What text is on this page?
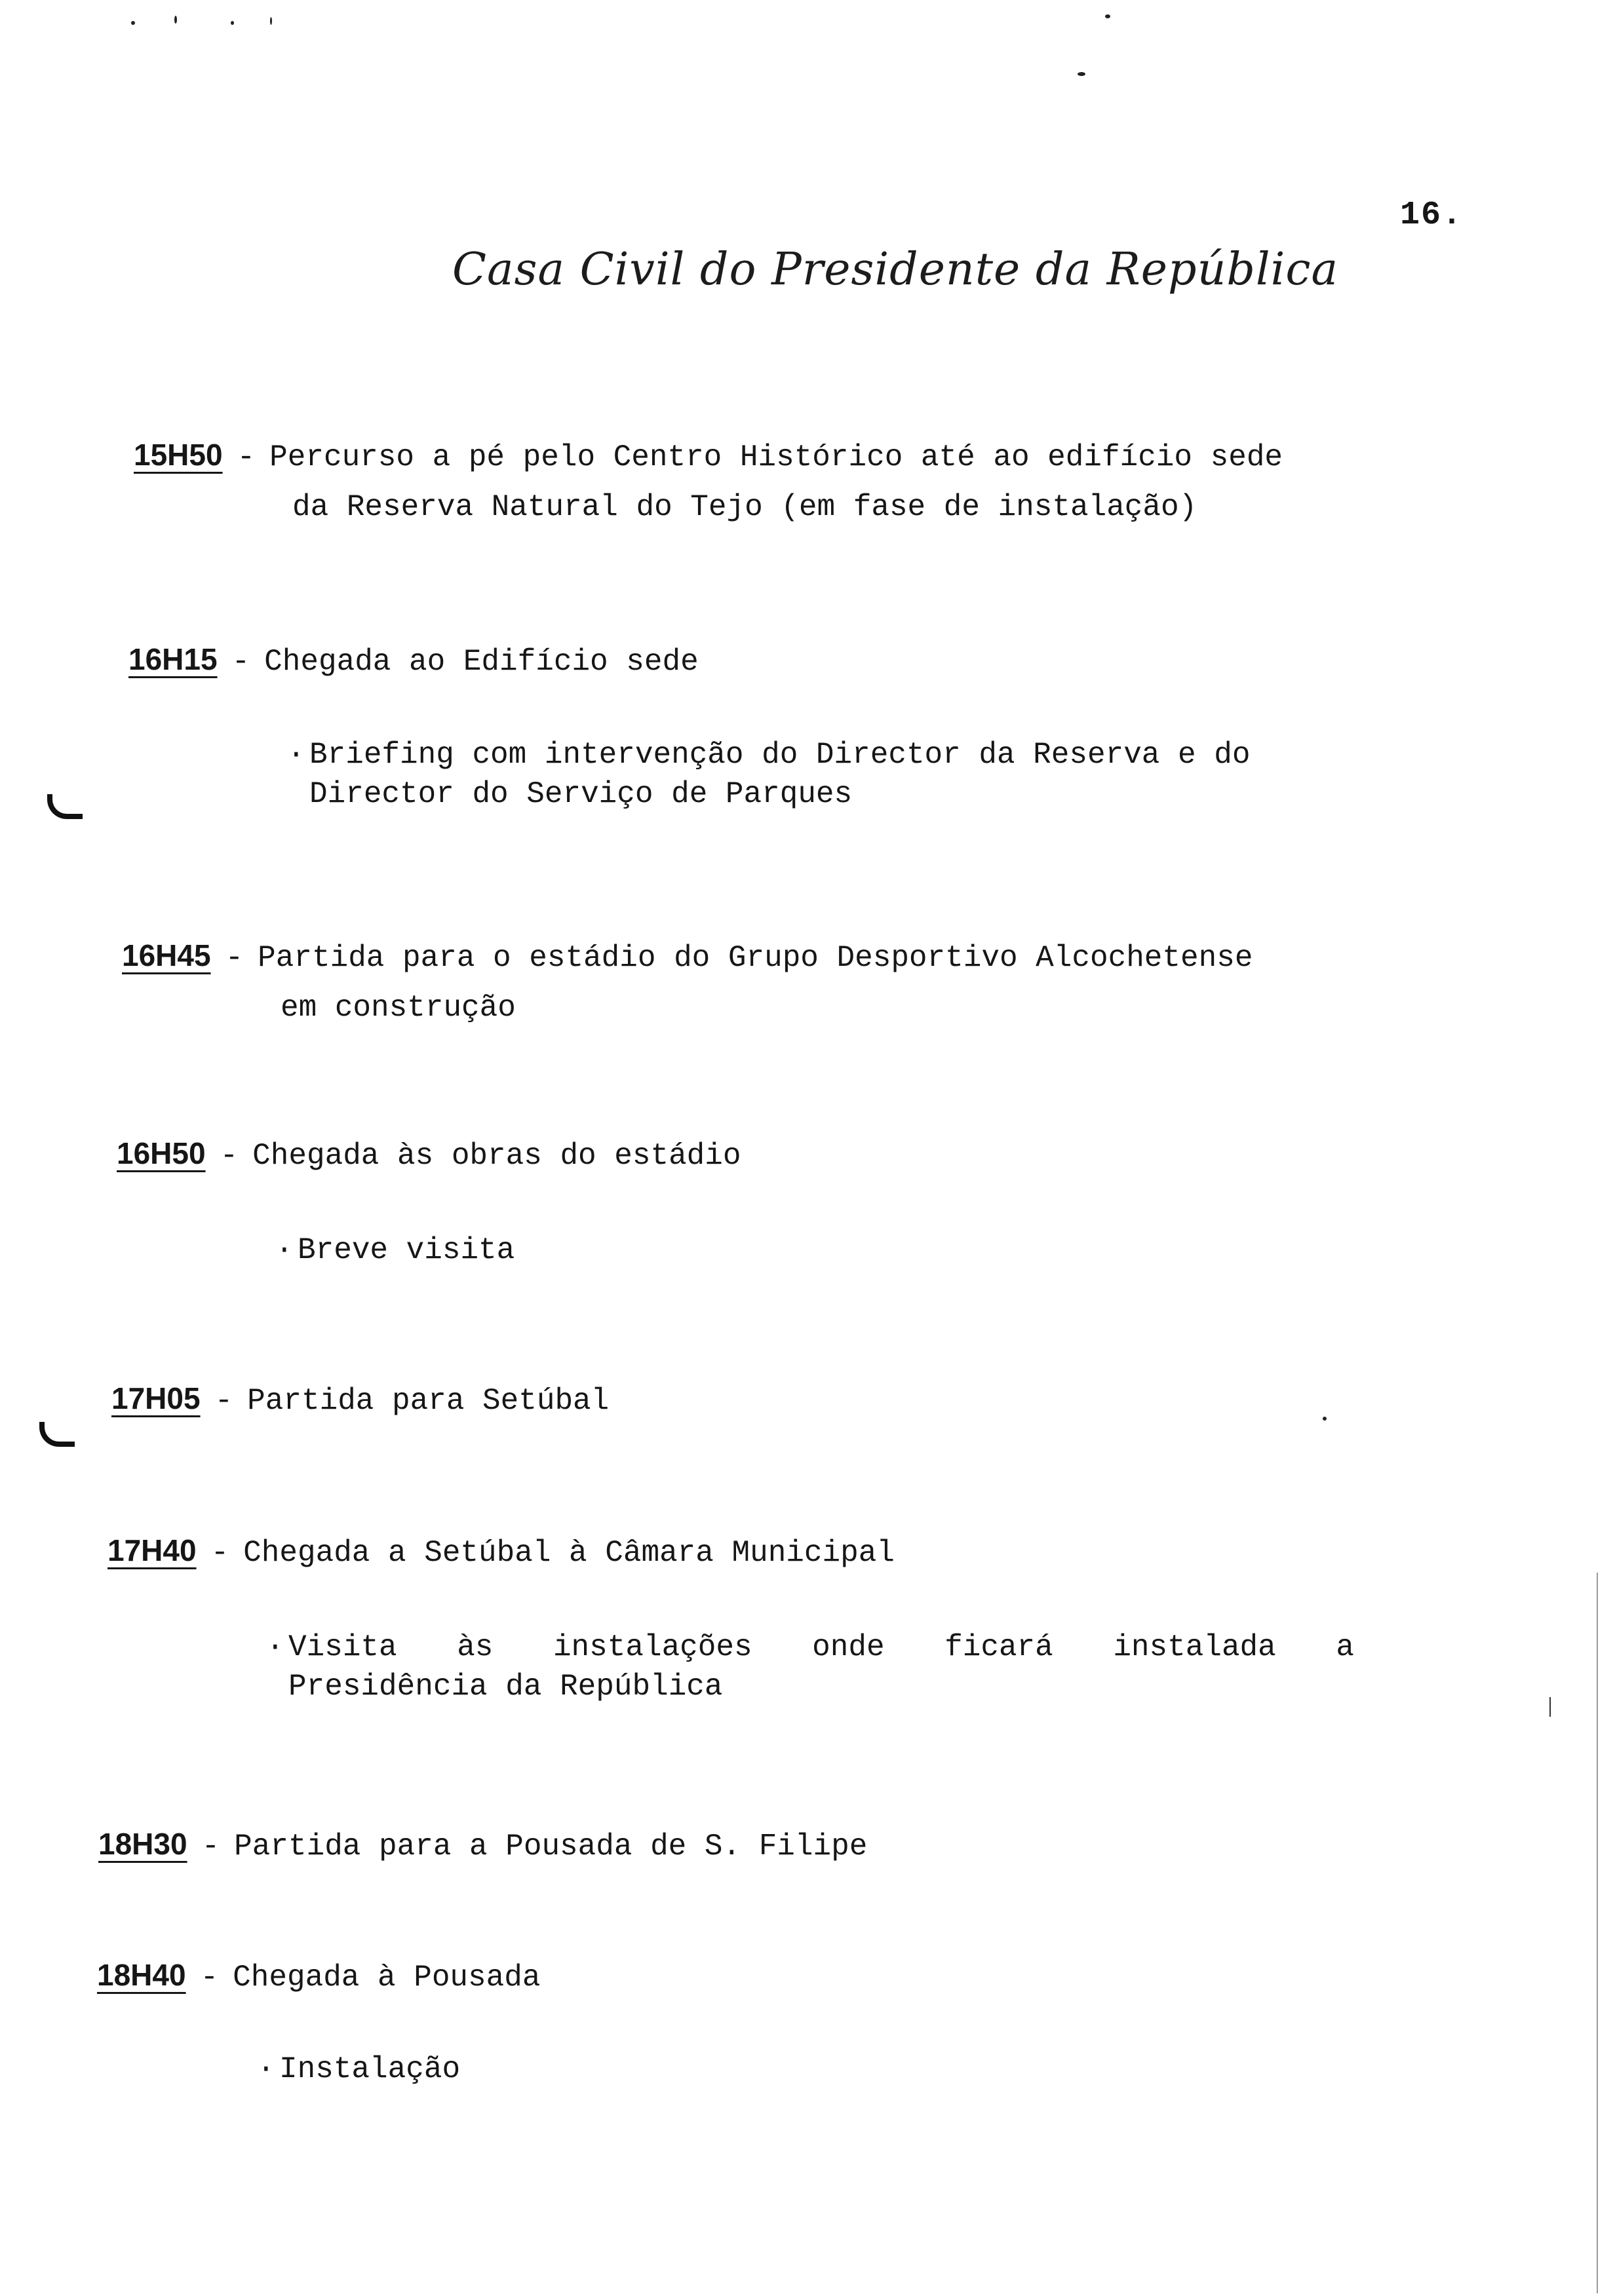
16.
Casa Civil do Presidente da República
15H50 - Percurso a pé pelo Centro Histórico até ao edifício sede
da Reserva Natural do Tejo (em fase de instalação)
16H15 - Chegada ao Edifício sede
· Briefing com intervenção do Director da Reserva e do
Director do Serviço de Parques
16H45 - Partida para o estádio do Grupo Desportivo Alcochetense
em construção
16H50 - Chegada às obras do estádio
· Breve visita
17H05 - Partida para Setúbal
17H40 - Chegada a Setúbal à Câmara Municipal
· Visita às instalações onde ficará instalada a
Presidência da República
18H30 - Partida para a Pousada de S. Filipe
18H40 - Chegada à Pousada
· Instalação
